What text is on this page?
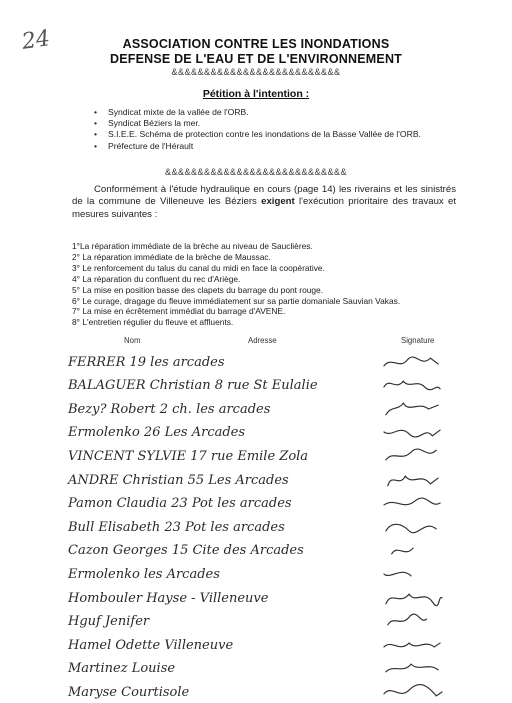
24	ASSOCIATION CONTRE LES INONDATIONS
DEFENSE DE L'EAU ET DE L'ENVIRONNEMENT
&&&&&&&&&&&&&&&&&&&&&&&&&&
Pétition à l'intention :
• Syndicat mixte de la vallée de l'ORB.
• Syndicat Béziers la mer.
• S.I.E.E. Schéma de protection contre les inondations de la Basse Vallée de l'ORB.
• Préfecture de l'Hérault
&&&&&&&&&&&&&&&&&&&&&&&&&&&&
Conformément à l'étude hydraulique en cours (page 14) les riverains et les sinistrés de la commune de Villeneuve les Béziers exigent l'exécution prioritaire des travaux et mesures suivantes :
1°La réparation immédiate de la brèche au niveau de Sauclières.
2° La réparation immédiate de la brèche de Maussac.
3° Le renforcement du talus du canal du midi en face la coopérative.
4° La réparation du confluent du rec d'Ariège.
5° La mise en position basse des clapets du barrage du pont rouge.
6° Le curage, dragage du fleuve immédiatement sur sa partie domaniale Sauvian Vakas.
7° La mise en écrêtement immédiat du barrage d'AVENE.
8° L'entretien régulier du fleuve et affluents.
Nom	Adresse	Signature
FERRER 19 les arcades
BALAGUER Christian 8 rue St Eulalie
Bezy? Robert 2 ch. les arcades
Ermolenko 26 Les Arcades
VINCENT SYLVIE 17 rue Emile Zola
ANDRE Christian 55 Les Arcades
Pamon Claudia 23 Pot les arcades
Bull Elisabeth 23 Pot les arcades
Cazon Georges 15 Cite des Arcades
Ermolenko les Arcades
Hombouler Hayse - Villeneuve
Hguf Jenifer
Hamel Odette Villeneuve
Martinez Louise
Maryse Courtisole
